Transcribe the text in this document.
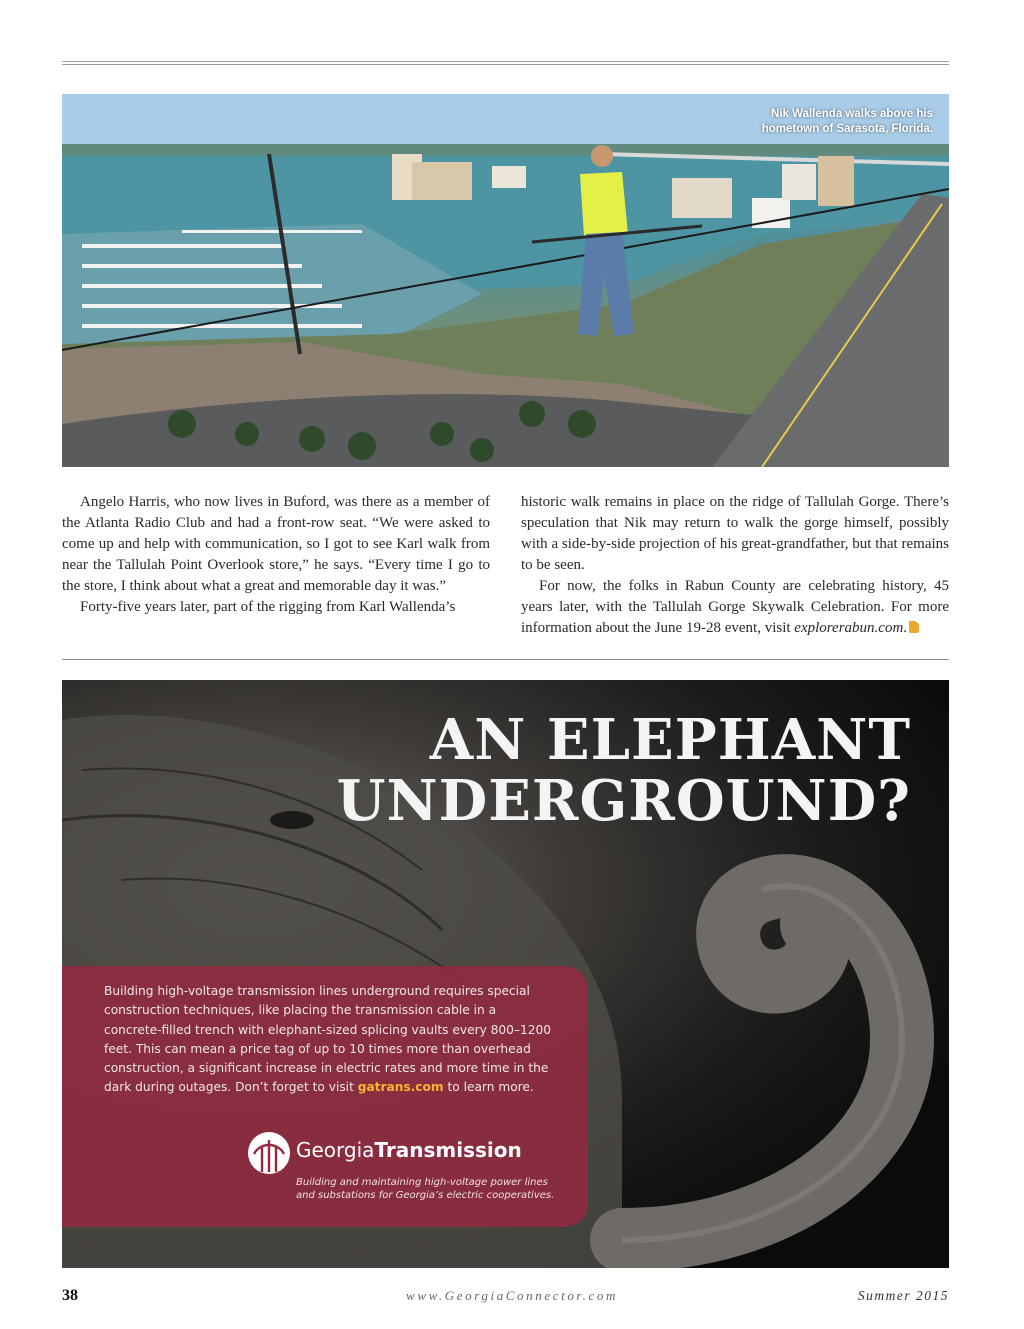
Nik Wallenda walks above his hometown of Sarasota, Florida.

Angelo Harris, who now lives in Buford, was there as a member of the Atlanta Radio Club and had a front-row seat. “We were asked to come up and help with communication, so I got to see Karl walk from near the Tallulah Point Overlook store,” he says. “Every time I go to the store, I think about what a great and memorable day it was.”

Forty-five years later, part of the rigging from Karl Wallenda’s

historic walk remains in place on the ridge of Tallulah Gorge. There’s speculation that Nik may return to walk the gorge himself, possibly with a side-by-side projection of his great-grandfather, but that remains to be seen.

For now, the folks in Rabun County are celebrating history, 45 years later, with the Tallulah Gorge Skywalk Celebration. For more information about the June 19-28 event, visit explorerabun.com.

AN ELEPHANT
UNDERGROUND?
Building high-voltage transmission lines underground requires special construction techniques, like placing the transmission cable in a concrete-filled trench with elephant-sized splicing vaults every 800–1200 feet. This can mean a price tag of up to 10 times more than overhead construction, a significant increase in electric rates and more time in the dark during outages. Don’t forget to visit gatrans.com to learn more.
GeorgiaTransmission
Building and maintaining high-voltage power lines and substations for Georgia’s electric cooperatives.
38	www.GeorgiaConnector.com	Summer 2015
